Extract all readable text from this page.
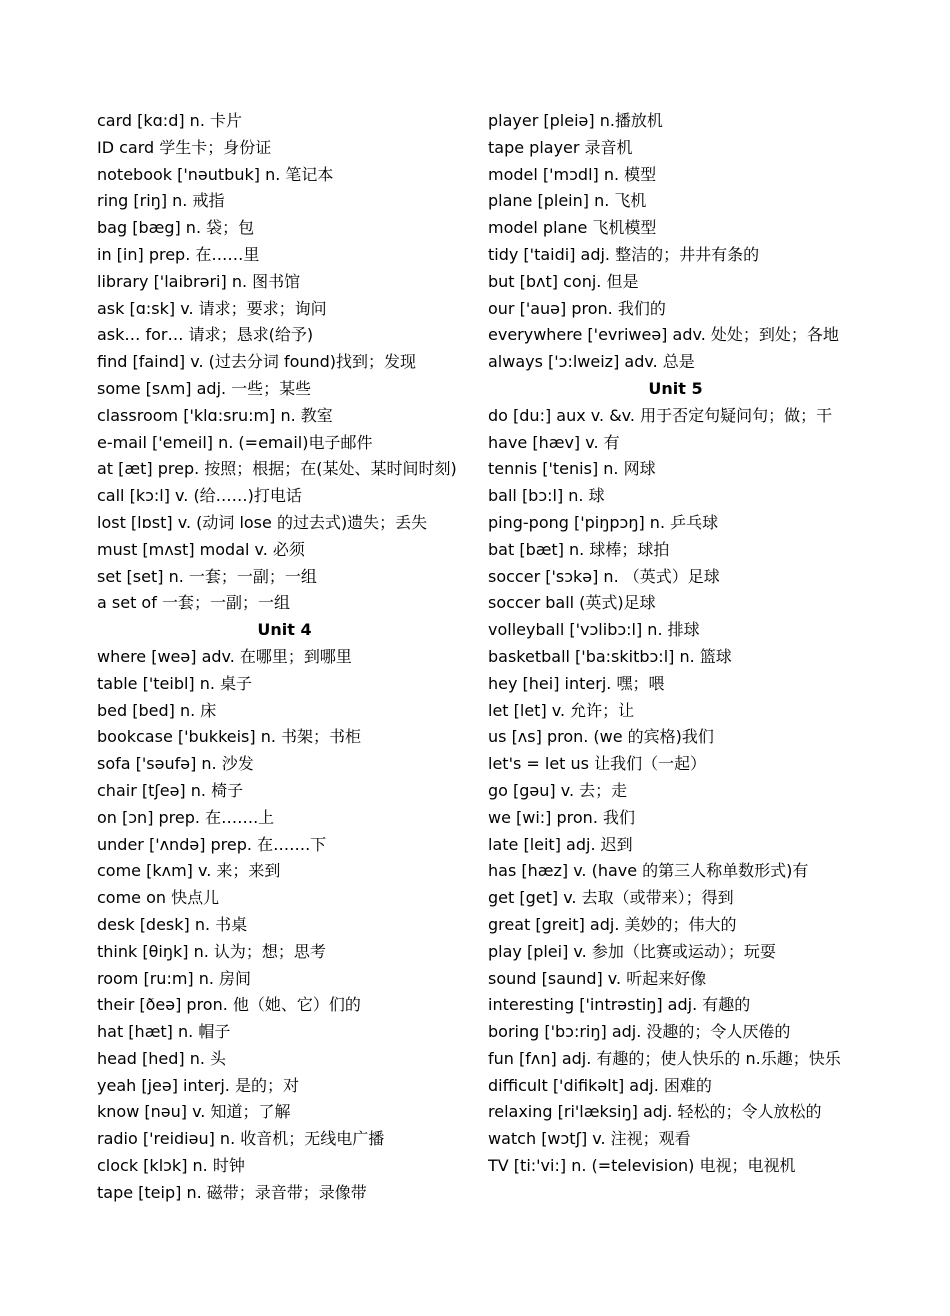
card [kɑ:d] n. 卡片
ID card 学生卡；身份证
notebook ['nəutbuk] n. 笔记本
ring [riŋ] n. 戒指
bag [bæg] n. 袋；包
in [in] prep. 在……里
library ['laibrəri] n. 图书馆
ask [ɑ:sk] v. 请求；要求；询问
ask… for… 请求；恳求(给予)
find [faind] v. (过去分词 found)找到；发现
some [sʌm] adj. 一些；某些
classroom ['klɑ:sru:m] n. 教室
e-mail ['emeil] n. (=email)电子邮件
at [æt] prep. 按照；根据；在(某处、某时间时刻)
call [kɔ:l] v. (给……)打电话
lost [lɒst] v. (动词 lose 的过去式)遗失；丢失
must [mʌst] modal v. 必须
set [set] n. 一套；一副；一组
a set of 一套；一副；一组
Unit 4
where [weə] adv. 在哪里；到哪里
table ['teibl] n. 桌子
bed [bed] n. 床
bookcase ['bukkeis] n. 书架；书柜
sofa ['səufə] n. 沙发
chair [tʃeə] n. 椅子
on [ɔn] prep. 在…….上
under ['ʌndə] prep. 在…….下
come [kʌm] v. 来；来到
come on 快点儿
desk [desk] n. 书桌
think [θiŋk] n. 认为；想；思考
room [ru:m] n. 房间
their [ðeə] pron. 他（她、它）们的
hat [hæt] n. 帽子
head [hed] n. 头
yeah [jeə] interj. 是的；对
know [nəu] v. 知道；了解
radio ['reidiəu] n. 收音机；无线电广播
clock [klɔk] n. 时钟
tape [teip] n. 磁带；录音带；录像带
player [pleiə] n.播放机
tape player 录音机
model ['mɔdl] n. 模型
plane [plein] n. 飞机
model plane 飞机模型
tidy ['taidi] adj. 整洁的；井井有条的
but [bʌt] conj. 但是
our ['auə] pron. 我们的
everywhere ['evriweə] adv. 处处；到处；各地
always ['ɔ:lweiz] adv. 总是
Unit 5
do [du:] aux v. &v. 用于否定句疑问句；做；干
have [hæv] v. 有
tennis ['tenis] n. 网球
ball [bɔ:l] n. 球
ping-pong ['piŋpɔŋ] n. 乒乓球
bat [bæt] n. 球棒；球拍
soccer ['sɔkə] n. （英式）足球
soccer ball (英式)足球
volleyball ['vɔlibɔ:l] n. 排球
basketball ['ba:skitbɔ:l] n. 篮球
hey [hei] interj. 嘿；喂
let [let] v. 允许；让
us [ʌs] pron. (we 的宾格)我们
let's = let us 让我们（一起）
go [gəu] v. 去；走
we [wi:] pron. 我们
late [leit] adj. 迟到
has [hæz] v. (have 的第三人称单数形式)有
get [get] v. 去取（或带来）；得到
great [greit] adj. 美妙的；伟大的
play [plei] v. 参加（比赛或运动）；玩耍
sound [saund] v. 听起来好像
interesting ['intrəstiŋ] adj. 有趣的
boring ['bɔ:riŋ] adj. 没趣的；令人厌倦的
fun [fʌn] adj. 有趣的；使人快乐的 n.乐趣；快乐
difficult ['difikəlt] adj. 困难的
relaxing [ri'læksiŋ] adj. 轻松的；令人放松的
watch [wɔtʃ] v. 注视；观看
TV [ti:'vi:] n. (=television) 电视；电视机
